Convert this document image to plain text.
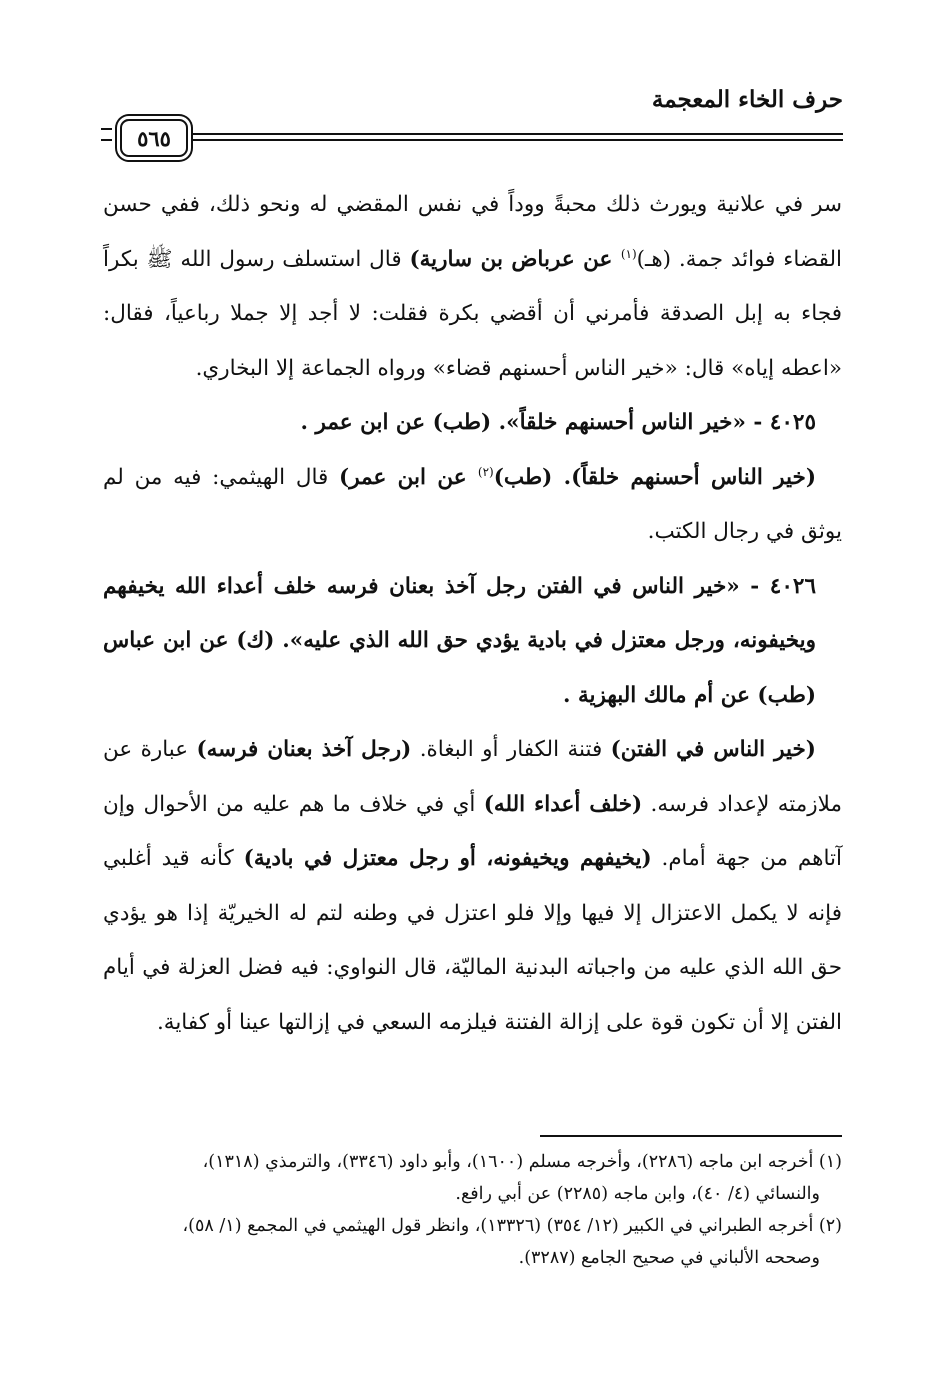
حرف الخاء المعجمة
٥٦٥

سر في علانية ويورث ذلك محبةً ووداً في نفس المقضي له ونحو ذلك، ففي حسن القضاء فوائد جمة. (هـ)$^{(١)}$ عن عرباض بن سارية) قال استسلف رسول الله ﷺ بكراً فجاء به إبل الصدقة فأمرني أن أقضي بكرة فقلت: لا أجد إلا جملا رباعياً، فقال: «اعطه إياه» قال: «خير الناس أحسنهم قضاء» ورواه الجماعة إلا البخاري.

٤٠٢٥ - «خير الناس أحسنهم خلقاً». (طب) عن ابن عمر .

(خير الناس أحسنهم خلقاً). (طب)$^{(٢)}$ عن ابن عمر) قال الهيثمي: فيه من لم يوثق في رجال الكتب.

٤٠٢٦ - «خير الناس في الفتن رجل آخذ بعنان فرسه خلف أعداء الله يخيفهم ويخيفونه، ورجل معتزل في بادية يؤدي حق الله الذي عليه». (ك) عن ابن عباس (طب) عن أم مالك البهزية .

(خير الناس في الفتن) فتنة الكفار أو البغاة. (رجل آخذ بعنان فرسه) عبارة عن ملازمته لإعداد فرسه. (خلف أعداء الله) أي في خلاف ما هم عليه من الأحوال وإن آتاهم من جهة أمام. (يخيفهم ويخيفونه، أو رجل معتزل في بادية) كأنه قيد أغلبي فإنه لا يكمل الاعتزال إلا فيها وإلا فلو اعتزل في وطنه لتم له الخيريّة إذا هو يؤدي حق الله الذي عليه من واجباته البدنية الماليّة، قال النواوي: فيه فضل العزلة في أيام الفتن إلا أن تكون قوة على إزالة الفتنة فيلزمه السعي في إزالتها عينا أو كفاية.

(١) أخرجه ابن ماجه (٢٢٨٦)، وأخرجه مسلم (١٦٠٠)، وأبو داود (٣٣٤٦)، والترمذي (١٣١٨)،

والنسائي (٤/ ٤٠)، وابن ماجه (٢٢٨٥) عن أبي رافع.

(٢) أخرجه الطبراني في الكبير (١٢/ ٣٥٤) (١٣٣٢٦)، وانظر قول الهيثمي في المجمع (١/ ٥٨)،

وصححه الألباني في صحيح الجامع (٣٢٨٧).
